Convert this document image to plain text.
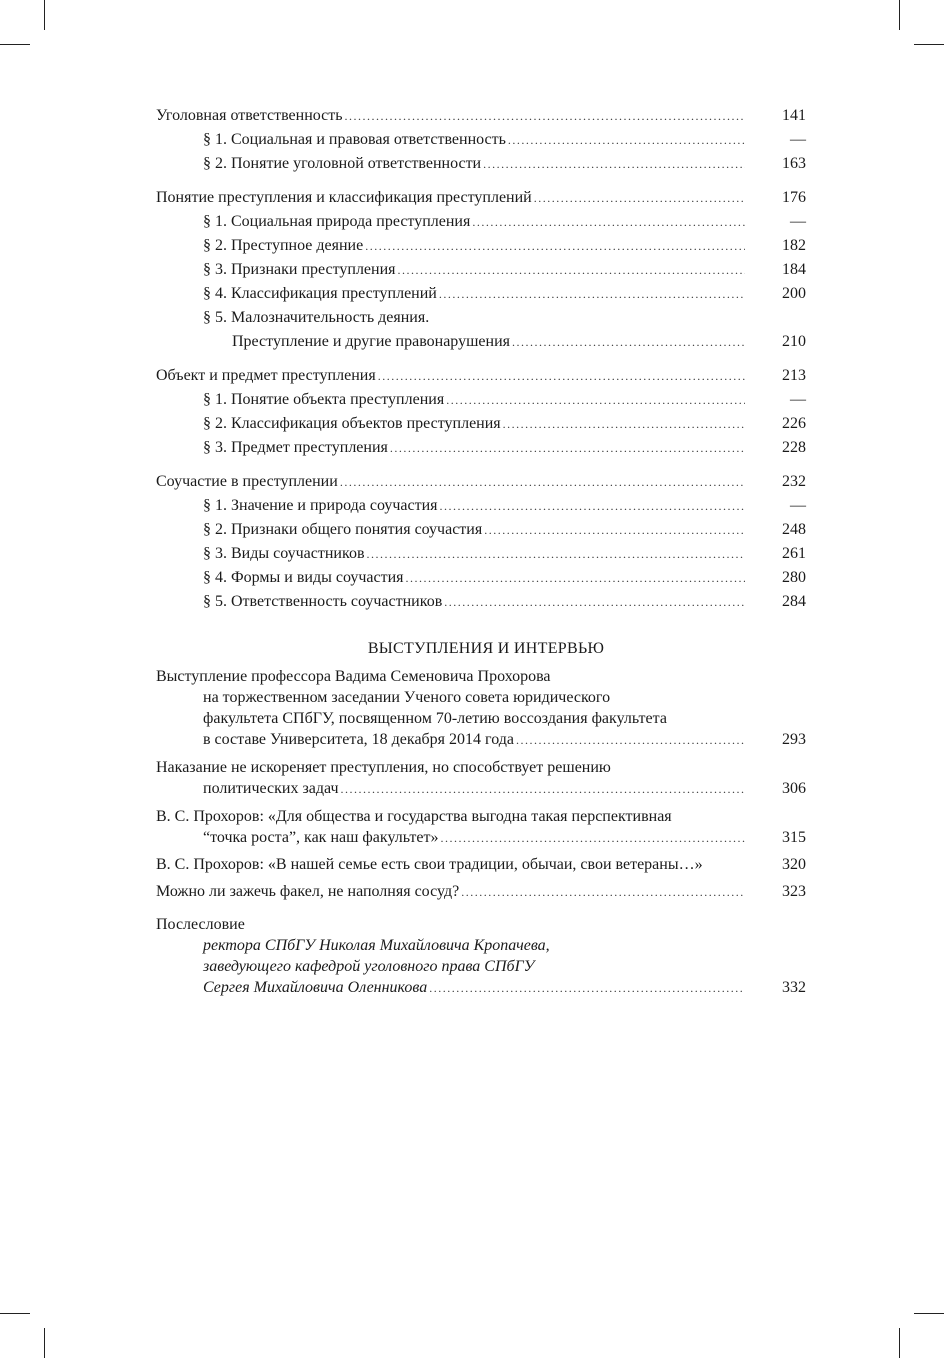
Уголовная ответственность .....	141
§ 1. Социальная и правовая ответственность .....	—
§ 2. Понятие уголовной ответственности .....	163
Понятие преступления и классификация преступлений .....	176
§ 1. Социальная природа преступления .....	—
§ 2. Преступное деяние .....	182
§ 3. Признаки преступления .....	184
§ 4. Классификация преступлений .....	200
§ 5. Малозначительность деяния.
Преступление и другие правонарушения .....	210
Объект и предмет преступления .....	213
§ 1. Понятие объекта преступления .....	—
§ 2. Классификация объектов преступления .....	226
§ 3. Предмет преступления .....	228
Соучастие в преступлении .....	232
§ 1. Значение и природа соучастия .....	—
§ 2. Признаки общего понятия соучастия .....	248
§ 3. Виды соучастников .....	261
§ 4. Формы и виды соучастия .....	280
§ 5. Ответственность соучастников .....	284
ВЫСТУПЛЕНИЯ И ИНТЕРВЬЮ
Выступление профессора Вадима Семеновича Прохорова
на торжественном заседании Ученого совета юридического
факультета СПбГУ, посвященном 70-летию воссоздания факультета
в составе Университета, 18 декабря 2014 года .....	293
Наказание не искореняет преступления, но способствует решению
политических задач .....	306
В. С. Прохоров: «Для общества и государства выгодна такая перспективная
“точка роста”, как наш факультет» .....	315
В. С. Прохоров: «В нашей семье есть свои традиции, обычаи, свои ветераны…»	320
Можно ли зажечь факел, не наполняя сосуд? .....	323
Послесловие
ректора СПбГУ Николая Михайловича Кропачева,
заведующего кафедрой уголовного права СПбГУ
Сергея Михайловича Оленникова .....	332
